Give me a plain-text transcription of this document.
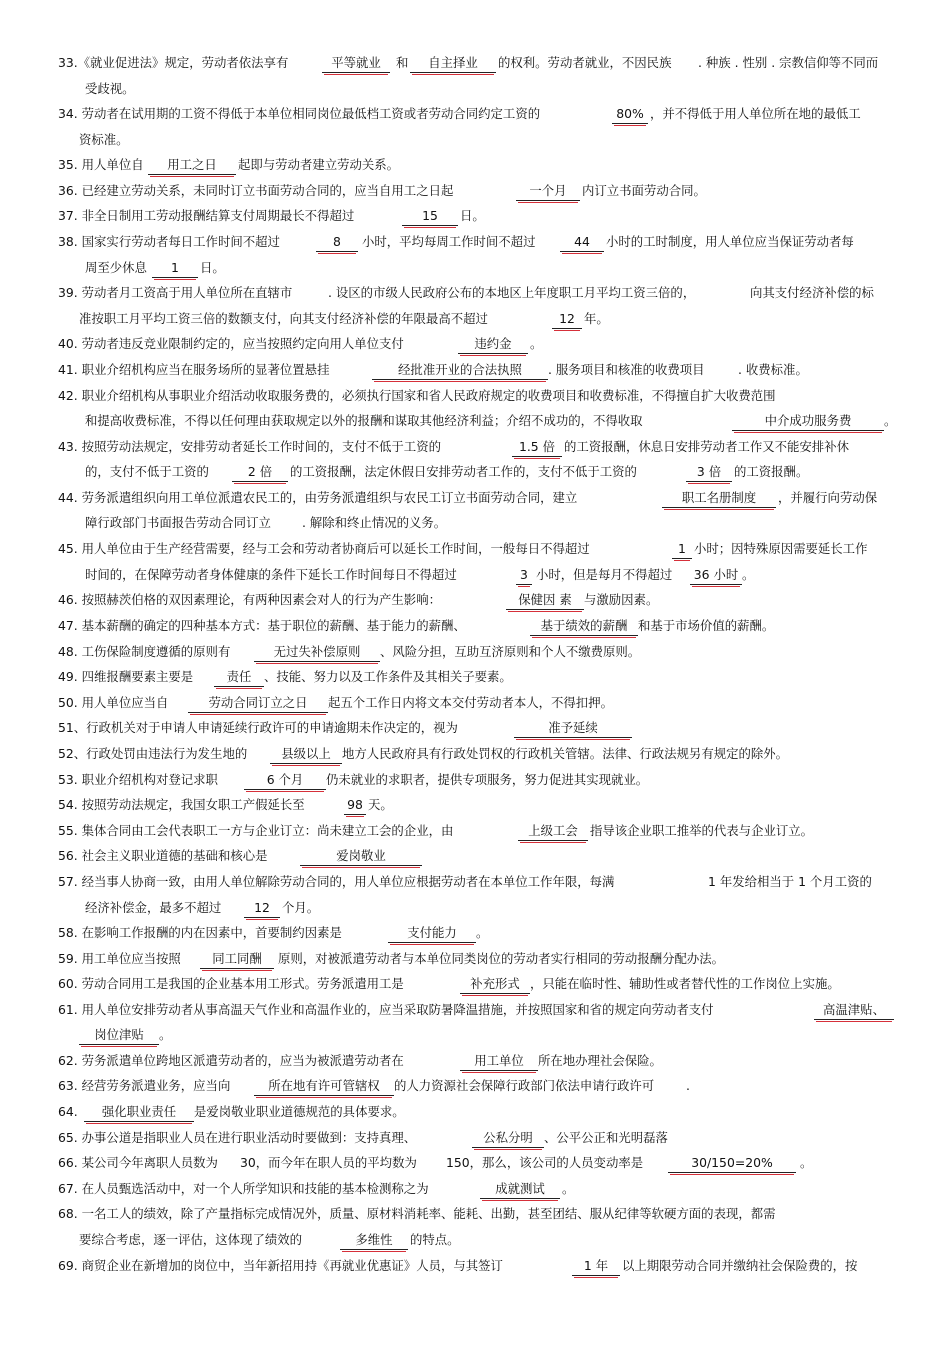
33.《就业促进法》规定，劳动者依法享有	平等就业	和	自主择业	的权利。劳动者就业，不因民族 . 种族 . 性别 . 宗教信仰等不同而
受歧视。
34. 劳动者在试用期的工资不得低于本单位相同岗位最低档工资或者劳动合同约定工资的	80% ，并不得低于用人单位所在地的最低工
资标准。
35. 用人单位自	用工之日	起即与劳动者建立劳动关系。
36. 已经建立劳动关系，未同时订立书面劳动合同的，应当自用工之日起	一个月	内订立书面劳动合同。
37. 非全日制用工劳动报酬结算支付周期最长不得超过	15	日。
38. 国家实行劳动者每日工作时间不超过	8	小时，平均每周工作时间不超过	44	小时的工时制度，用人单位应当保证劳动者每
周至少休息	1	日。
39. 劳动者月工资高于用人单位所在直辖市	. 设区的市级人民政府公布的本地区上年度职工月平均工资三倍的，	向其支付经济补偿的标
准按职工月平均工资三倍的数额支付，向其支付经济补偿的年限最高不超过	12 年。
40. 劳动者违反竞业限制约定的，应当按照约定向用人单位支付	违约金	。
41. 职业介绍机构应当在服务场所的显著位置悬挂	经批准开业的合法执照	. 服务项目和核准的收费项目	. 收费标准。
42. 职业介绍机构从事职业介绍活动收取服务费的，必须执行国家和省人民政府规定的收费项目和收费标准，不得擅自扩大收费范围
和提高收费标准，不得以任何理由获取规定以外的报酬和谋取其他经济利益；介绍不成功的，不得收取	中介成功服务费	。
43. 按照劳动法规定，安排劳动者延长工作时间的，支付不低于工资的	1.5 倍 的工资报酬，休息日安排劳动者工作又不能安排补休
的，支付不低于工资的	2 倍	的工资报酬，法定休假日安排劳动者工作的，支付不低于工资的	3 倍	的工资报酬。
44. 劳务派遣组织向用工单位派遣农民工的，由劳务派遣组织与农民工订立书面劳动合同，建立	职工名册制度	，并履行向劳动保
障行政部门书面报告劳动合同订立	. 解除和终止情况的义务。
45. 用人单位由于生产经营需要，经与工会和劳动者协商后可以延长工作时间，一般每日不得超过	1 小时；因特殊原因需要延长工作
时间的，在保障劳动者身体健康的条件下延长工作时间每日不得超过	3 小时，但是每月不得超过	36 小时 。
46. 按照赫茨伯格的双因素理论，有两种因素会对人的行为产生影响：	保健因 素 与激励因素。
47. 基本薪酬的确定的四种基本方式：基于职位的薪酬、基于能力的薪酬、	基于绩效的薪酬 和基于市场价值的薪酬。
48. 工伤保险制度遵循的原则有	无过失补偿原则	、风险分担，互助互济原则和个人不缴费原则。
49. 四维报酬要素主要是	责任	、技能、努力以及工作条件及其相关子要素。
50. 用人单位应当自	劳动合同订立之日	起五个工作日内将文本交付劳动者本人，不得扣押。
51、行政机关对于申请人申请延续行政许可的申请逾期未作决定的，视为	准予延续
52、行政处罚由违法行为发生地的	县级以上 地方人民政府具有行政处罚权的行政机关管辖。法律、行政法规另有规定的除外。
53. 职业介绍机构对登记求职	6 个月	仍未就业的求职者，提供专项服务，努力促进其实现就业。
54. 按照劳动法规定，我国女职工产假延长至	98 天。
55. 集体合同由工会代表职工一方与企业订立：尚未建立工会的企业，由	上级工会 指导该企业职工推举的代表与企业订立。
56. 社会主义职业道德的基础和核心是	爱岗敬业
57. 经当事人协商一致，由用人单位解除劳动合同的，用人单位应根据劳动者在本单位工作年限，每满	1 年发给相当于 1 个月工资的
经济补偿金，最多不超过	12 个月。
58. 在影响工作报酬的内在因素中，首要制约因素是	支付能力	。
59. 用工单位应当按照	同工同酬	原则，对被派遣劳动者与本单位同类岗位的劳动者实行相同的劳动报酬分配办法。
60. 劳动合同用工是我国的企业基本用工形式。劳务派遣用工是	补充形式 ，只能在临时性、辅助性或者替代性的工作岗位上实施。
61. 用人单位安排劳动者从事高温天气作业和高温作业的，应当采取防暑降温措施，并按照国家和省的规定向劳动者支付	高温津贴、
岗位津贴	。
62. 劳务派遣单位跨地区派遣劳动者的，应当为被派遣劳动者在	用工单位	所在地办理社会保险。
63. 经营劳务派遣业务，应当向	所在地有许可管辖权	的人力资源社会保障行政部门依法申请行政许可	.
64.	强化职业责任	是爱岗敬业职业道德规范的具体要求。
65. 办事公道是指职业人员在进行职业活动时要做到：支持真理、	公私分明 、公平公正和光明磊落
66. 某公司今年离职人员数为 30，而今年在职人员的平均数为 150，那么，该公司的人员变动率是	30/150=20%	。
67. 在人员甄选活动中，对一个人所学知识和技能的基本检测称之为	成就测试	。
68. 一名工人的绩效，除了产量指标完成情况外，质量、原材料消耗率、能耗、出勤，甚至团结、服从纪律等软硬方面的表现，都需
要综合考虑，逐一评估，这体现了绩效的	多维性	的特点。
69. 商贸企业在新增加的岗位中，当年新招用持《再就业优惠证》人员，与其签订	1 年	以上期限劳动合同并缴纳社会保险费的，按
